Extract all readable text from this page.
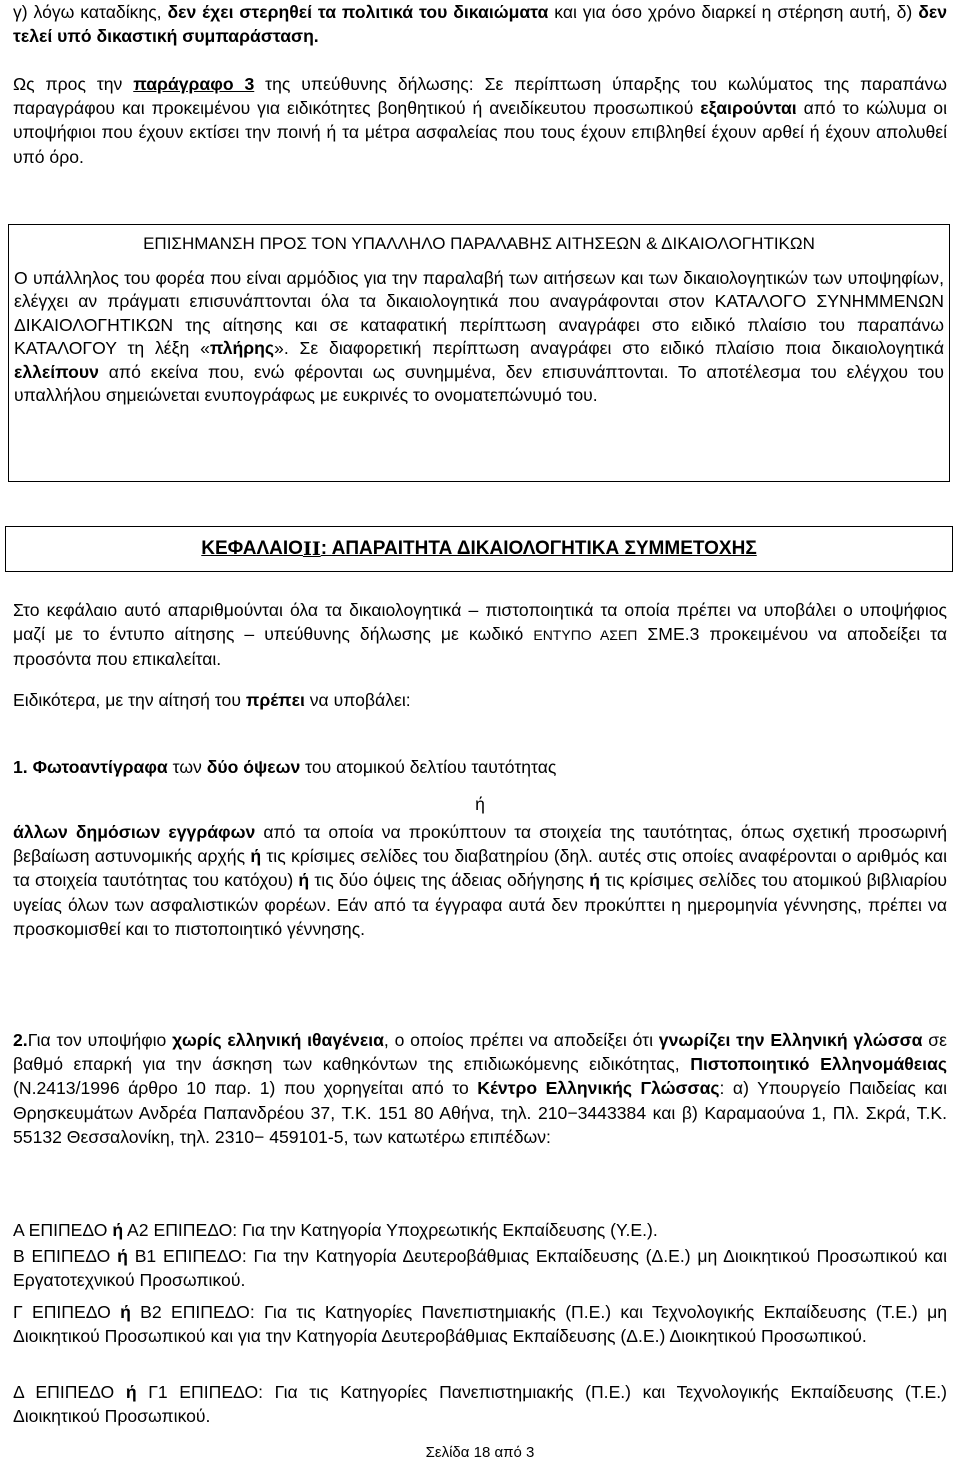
γ) λόγω καταδίκης, δεν έχει στερηθεί τα πολιτικά του δικαιώματα και για όσο χρόνο διαρκεί η στέρηση αυτή, δ) δεν τελεί υπό δικαστική συμπαράσταση.

Ως προς την παράγραφο 3 της υπεύθυνης δήλωσης: Σε περίπτωση ύπαρξης του κωλύματος της παραπάνω παραγράφου και προκειμένου για ειδικότητες βοηθητικού ή ανειδίκευτου προσωπικού εξαιρούνται από το κώλυμα οι υποψήφιοι που έχουν εκτίσει την ποινή ή τα μέτρα ασφαλείας που τους έχουν επιβληθεί έχουν αρθεί ή έχουν απολυθεί υπό όρο.

ΕΠΙΣΗΜΑΝΣΗ ΠΡΟΣ ΤΟΝ ΥΠΑΛΛΗΛΟ ΠΑΡΑΛΑΒΗΣ ΑΙΤΗΣΕΩΝ & ΔΙΚΑΙΟΛΟΓΗΤΙΚΩΝ

Ο υπάλληλος του φορέα που είναι αρμόδιος για την παραλαβή των αιτήσεων και των δικαιολογητικών των υποψηφίων, ελέγχει αν πράγματι επισυνάπτονται όλα τα δικαιολογητικά που αναγράφονται στον ΚΑΤΑΛΟΓΟ ΣΥΝΗΜΜΕΝΩΝ ΔΙΚΑΙΟΛΟΓΗΤΙΚΩΝ της αίτησης και σε καταφατική περίπτωση αναγράφει στο ειδικό πλαίσιο του παραπάνω ΚΑΤΑΛΟΓΟΥ τη λέξη «πλήρης». Σε διαφορετική περίπτωση αναγράφει στο ειδικό πλαίσιο ποια δικαιολογητικά ελλείπουν από εκείνα που, ενώ φέρονται ως συνημμένα, δεν επισυνάπτονται. Το αποτέλεσμα του ελέγχου του υπαλλήλου σημειώνεται ενυπογράφως με ευκρινές το ονοματεπώνυμό του.

ΚΕΦΑΛΑΙΟ ΙΙ : ΑΠΑΡΑΙΤΗΤΑ ΔΙΚΑΙΟΛΟΓΗΤΙΚΑ ΣΥΜΜΕΤΟΧΗΣ

Στο κεφάλαιο αυτό απαριθμούνται όλα τα δικαιολογητικά – πιστοποιητικά τα οποία πρέπει να υποβάλει ο υποψήφιος μαζί με το έντυπο αίτησης – υπεύθυνης δήλωσης με κωδικό ΕΝΤΥΠΟ ΑΣΕΠ ΣΜΕ.3 προκειμένου να αποδείξει τα προσόντα που επικαλείται.

Ειδικότερα, με την αίτησή του πρέπει να υποβάλει:

1. Φωτοαντίγραφα των δύο όψεων του ατομικού δελτίου ταυτότητας

ή

άλλων δημόσιων εγγράφων από τα οποία να προκύπτουν τα στοιχεία της ταυτότητας, όπως σχετική προσωρινή βεβαίωση αστυνομικής αρχής ή τις κρίσιμες σελίδες του διαβατηρίου (δηλ. αυτές στις οποίες αναφέρονται ο αριθμός και τα στοιχεία ταυτότητας του κατόχου) ή τις δύο όψεις της άδειας οδήγησης ή τις κρίσιμες σελίδες του ατομικού βιβλιαρίου υγείας όλων των ασφαλιστικών φορέων. Εάν από τα έγγραφα αυτά δεν προκύπτει η ημερομηνία γέννησης, πρέπει να προσκομισθεί και το πιστοποιητικό γέννησης.

2.Για τον υποψήφιο χωρίς ελληνική ιθαγένεια, ο οποίος πρέπει να αποδείξει ότι γνωρίζει την Ελληνική γλώσσα σε βαθμό επαρκή για την άσκηση των καθηκόντων της επιδιωκόμενης ειδικότητας, Πιστοποιητικό Ελληνομάθειας (Ν.2413/1996 άρθρο 10 παρ. 1) που χορηγείται από το Κέντρο Ελληνικής Γλώσσας: α) Υπουργείο Παιδείας και Θρησκευμάτων Ανδρέα Παπανδρέου 37, Τ.Κ. 151 80 Αθήνα, τηλ. 210−3443384 και β) Καραμαούνα 1, Πλ. Σκρά, Τ.Κ. 55132 Θεσσαλονίκη, τηλ. 2310− 459101-5, των κατωτέρω επιπέδων:

Α ΕΠΙΠΕΔΟ ή Α2 ΕΠΙΠΕΔΟ: Για την Κατηγορία Υποχρεωτικής Εκπαίδευσης (Υ.Ε.).

Β ΕΠΙΠΕΔΟ ή Β1 ΕΠΙΠΕΔΟ: Για την Κατηγορία Δευτεροβάθμιας Εκπαίδευσης (Δ.Ε.) μη Διοικητικού Προσωπικού και Εργατοτεχνικού Προσωπικού.

Γ ΕΠΙΠΕΔΟ ή Β2 ΕΠΙΠΕΔΟ: Για τις Κατηγορίες Πανεπιστημιακής (Π.Ε.) και Τεχνολογικής Εκπαίδευσης (Τ.Ε.) μη Διοικητικού Προσωπικού και για την Κατηγορία Δευτεροβάθμιας Εκπαίδευσης (Δ.Ε.) Διοικητικού Προσωπικού.

Δ ΕΠΙΠΕΔΟ ή Γ1 ΕΠΙΠΕΔΟ: Για τις Κατηγορίες Πανεπιστημιακής (Π.Ε.) και Τεχνολογικής Εκπαίδευσης (Τ.Ε.) Διοικητικού Προσωπικού.

Σελίδα 18 από 3
